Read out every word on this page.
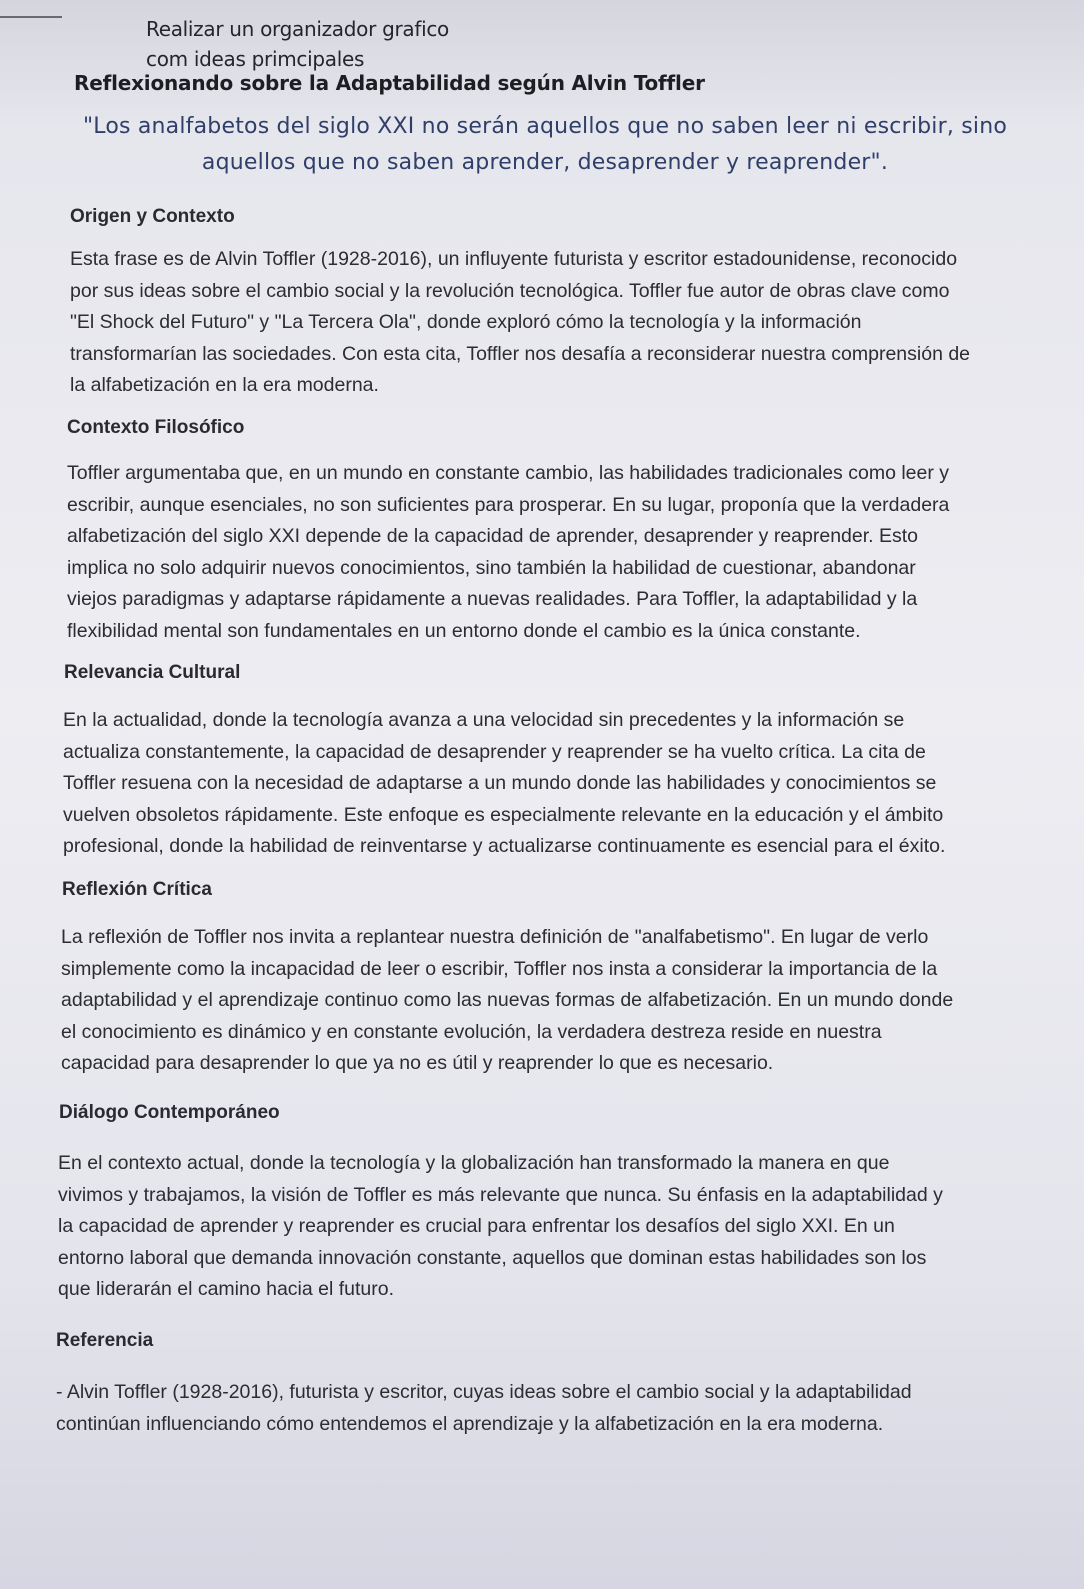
Realizar un organizador grafico
com ideas primcipales
Reflexionando sobre la Adaptabilidad según Alvin Toffler
"Los analfabetos del siglo XXI no serán aquellos que no saben leer ni escribir, sino
aquellos que no saben aprender, desaprender y reaprender".
Origen y Contexto
Esta frase es de Alvin Toffler (1928-2016), un influyente futurista y escritor estadounidense, reconocido
por sus ideas sobre el cambio social y la revolución tecnológica. Toffler fue autor de obras clave como
"El Shock del Futuro" y "La Tercera Ola", donde exploró cómo la tecnología y la información
transformarían las sociedades. Con esta cita, Toffler nos desafía a reconsiderar nuestra comprensión de
la alfabetización en la era moderna.
Contexto Filosófico
Toffler argumentaba que, en un mundo en constante cambio, las habilidades tradicionales como leer y
escribir, aunque esenciales, no son suficientes para prosperar. En su lugar, proponía que la verdadera
alfabetización del siglo XXI depende de la capacidad de aprender, desaprender y reaprender. Esto
implica no solo adquirir nuevos conocimientos, sino también la habilidad de cuestionar, abandonar
viejos paradigmas y adaptarse rápidamente a nuevas realidades. Para Toffler, la adaptabilidad y la
flexibilidad mental son fundamentales en un entorno donde el cambio es la única constante.
Relevancia Cultural
En la actualidad, donde la tecnología avanza a una velocidad sin precedentes y la información se
actualiza constantemente, la capacidad de desaprender y reaprender se ha vuelto crítica. La cita de
Toffler resuena con la necesidad de adaptarse a un mundo donde las habilidades y conocimientos se
vuelven obsoletos rápidamente. Este enfoque es especialmente relevante en la educación y el ámbito
profesional, donde la habilidad de reinventarse y actualizarse continuamente es esencial para el éxito.
Reflexión Crítica
La reflexión de Toffler nos invita a replantear nuestra definición de "analfabetismo". En lugar de verlo
simplemente como la incapacidad de leer o escribir, Toffler nos insta a considerar la importancia de la
adaptabilidad y el aprendizaje continuo como las nuevas formas de alfabetización. En un mundo donde
el conocimiento es dinámico y en constante evolución, la verdadera destreza reside en nuestra
capacidad para desaprender lo que ya no es útil y reaprender lo que es necesario.
Diálogo Contemporáneo
En el contexto actual, donde la tecnología y la globalización han transformado la manera en que
vivimos y trabajamos, la visión de Toffler es más relevante que nunca. Su énfasis en la adaptabilidad y
la capacidad de aprender y reaprender es crucial para enfrentar los desafíos del siglo XXI. En un
entorno laboral que demanda innovación constante, aquellos que dominan estas habilidades son los
que liderarán el camino hacia el futuro.
Referencia
- Alvin Toffler (1928-2016), futurista y escritor, cuyas ideas sobre el cambio social y la adaptabilidad
continúan influenciando cómo entendemos el aprendizaje y la alfabetización en la era moderna.
